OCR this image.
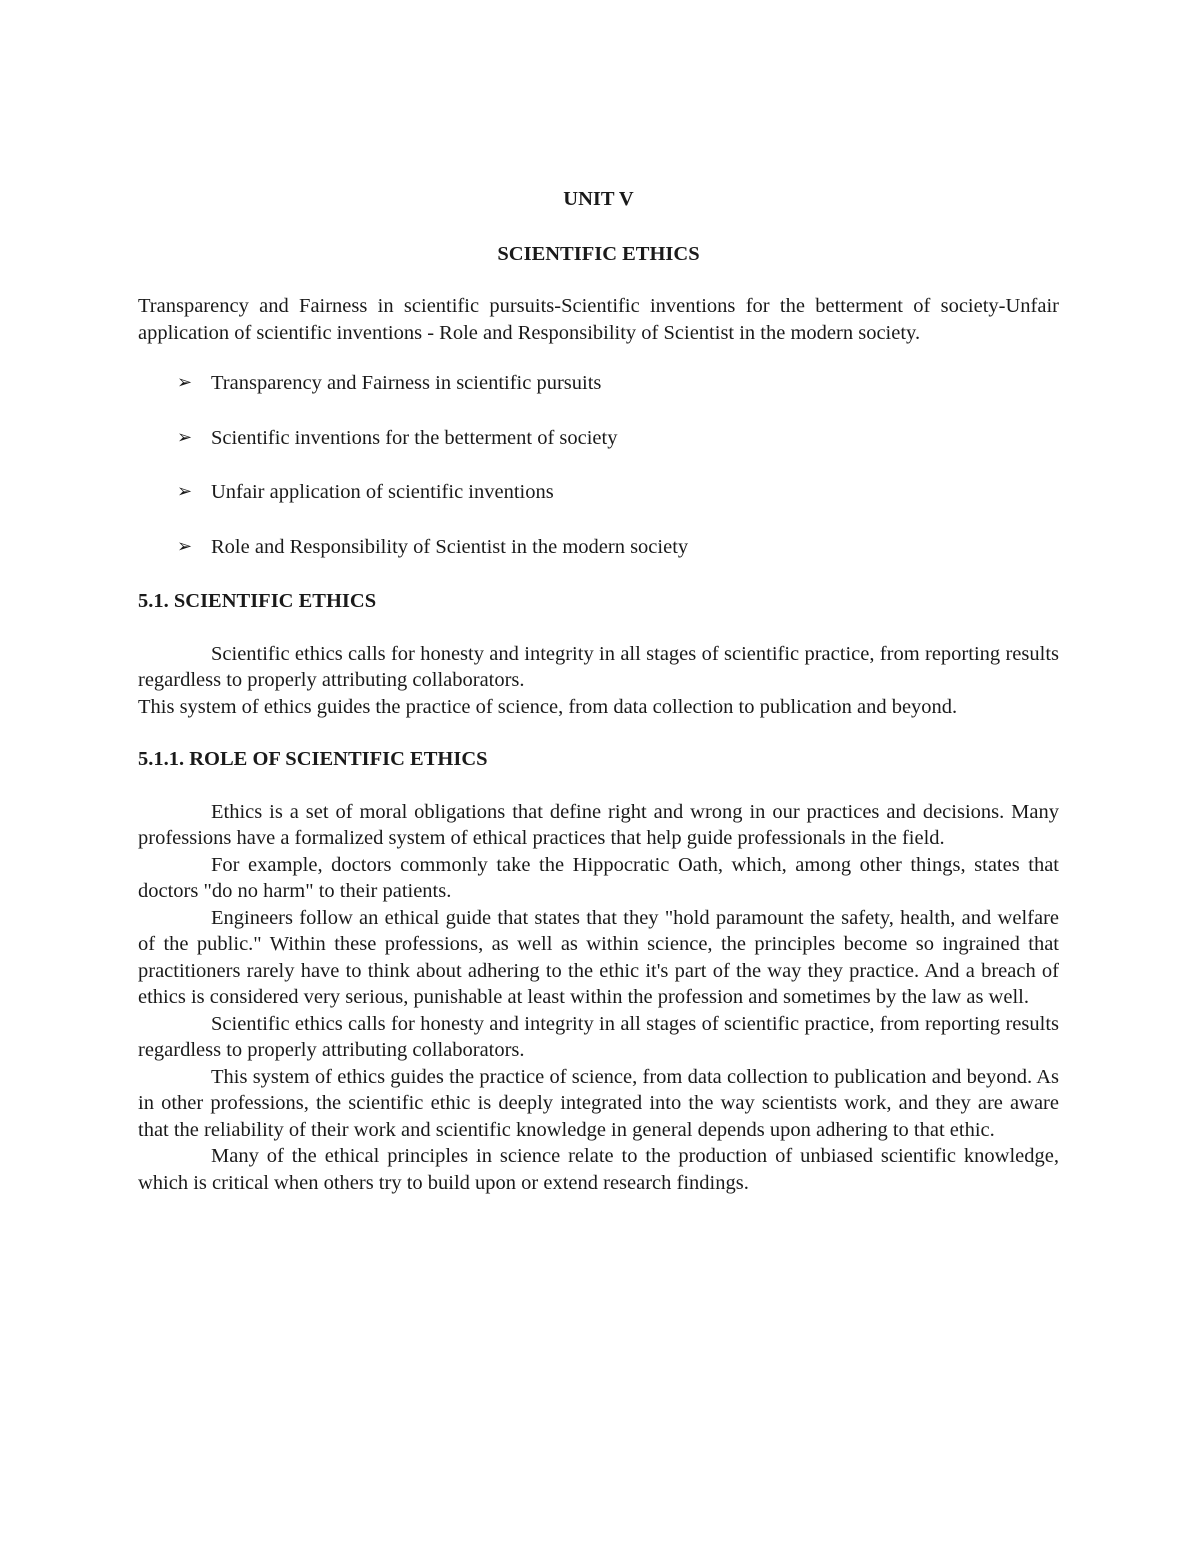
UNIT V

SCIENTIFIC ETHICS

Transparency and Fairness in scientific pursuits-Scientific inventions for the betterment of society-Unfair application of scientific inventions - Role and Responsibility of Scientist in the modern society.

➢ Transparency and Fairness in scientific pursuits
➢ Scientific inventions for the betterment of society
➢ Unfair application of scientific inventions
➢ Role and Responsibility of Scientist in the modern society

5.1. SCIENTIFIC ETHICS

Scientific ethics calls for honesty and integrity in all stages of scientific practice, from reporting results regardless to properly attributing collaborators.

This system of ethics guides the practice of science, from data collection to publication and beyond.

5.1.1. ROLE OF SCIENTIFIC ETHICS

Ethics is a set of moral obligations that define right and wrong in our practices and decisions. Many professions have a formalized system of ethical practices that help guide professionals in the field.

For example, doctors commonly take the Hippocratic Oath, which, among other things, states that doctors "do no harm" to their patients.

Engineers follow an ethical guide that states that they "hold paramount the safety, health, and welfare of the public." Within these professions, as well as within science, the principles become so ingrained that practitioners rarely have to think about adhering to the ethic it's part of the way they practice. And a breach of ethics is considered very serious, punishable at least within the profession and sometimes by the law as well.

Scientific ethics calls for honesty and integrity in all stages of scientific practice, from reporting results regardless to properly attributing collaborators.

This system of ethics guides the practice of science, from data collection to publication and beyond. As in other professions, the scientific ethic is deeply integrated into the way scientists work, and they are aware that the reliability of their work and scientific knowledge in general depends upon adhering to that ethic.

Many of the ethical principles in science relate to the production of unbiased scientific knowledge, which is critical when others try to build upon or extend research findings.
